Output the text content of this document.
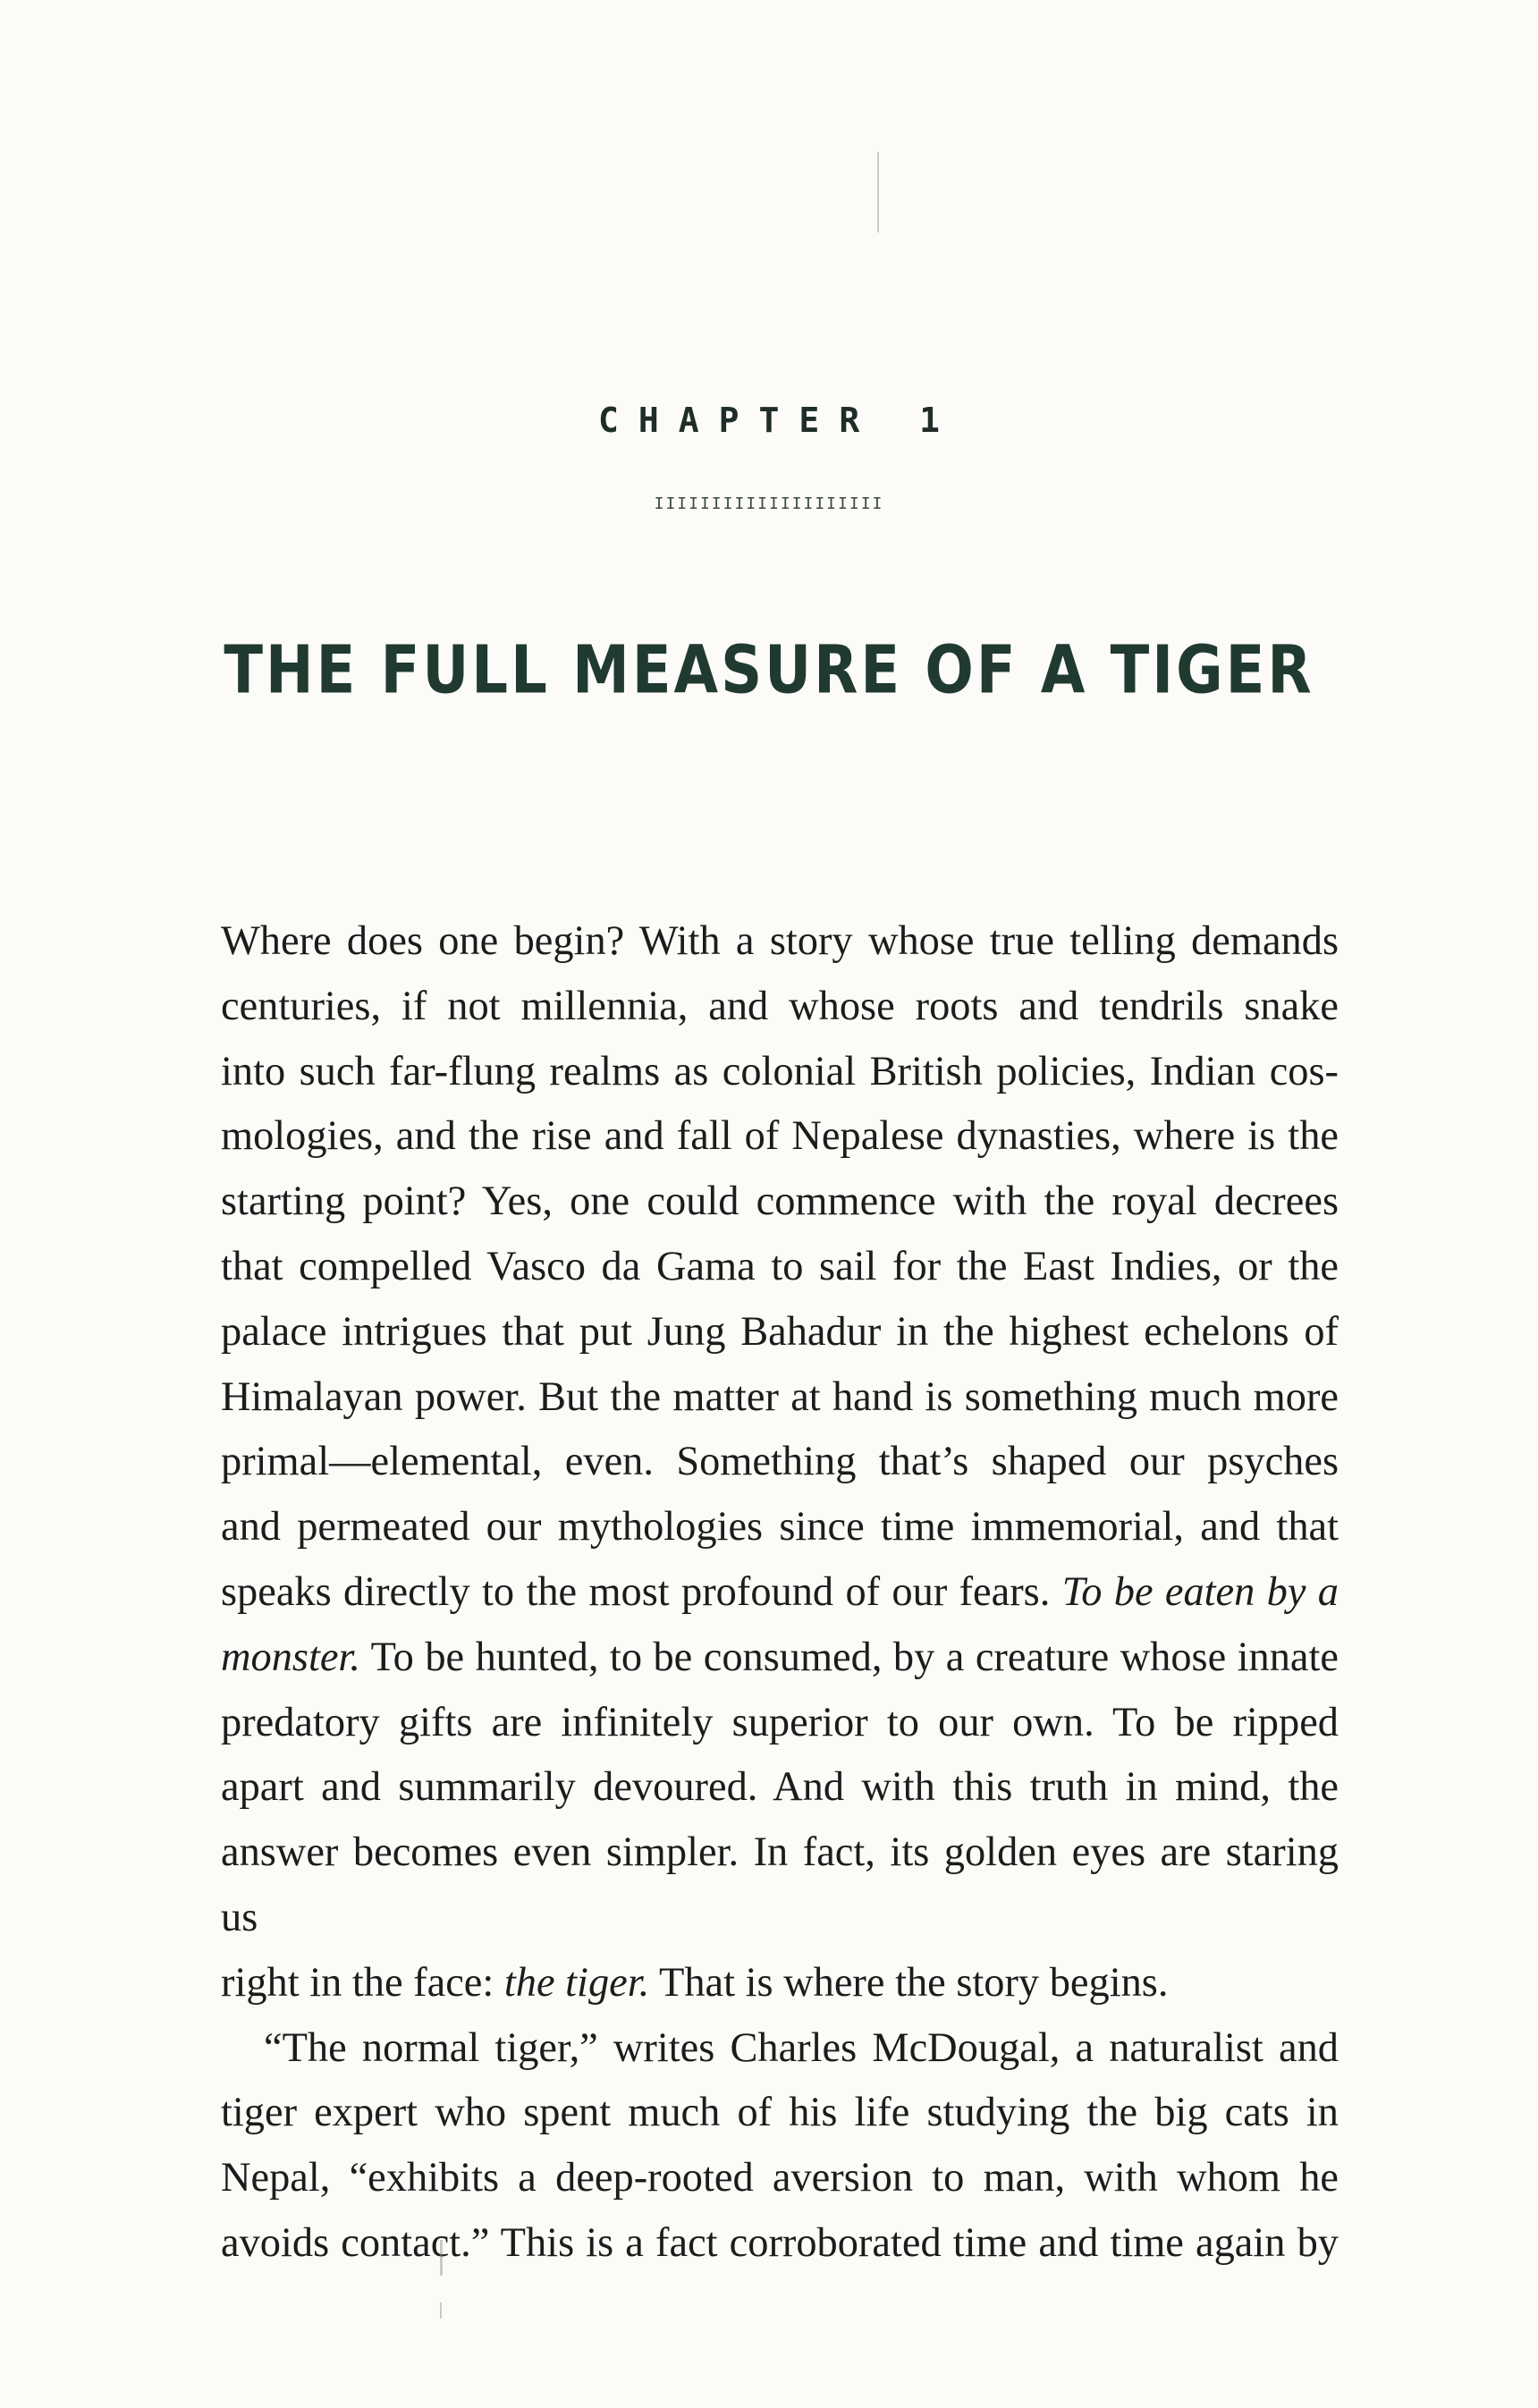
CHAPTER 1
IIIIIIIIIIIIIIIIIIII
THE FULL MEASURE OF A TIGER

Where does one begin? With a story whose true telling demands
centuries, if not millennia, and whose roots and tendrils snake
into such far-flung realms as colonial British policies, Indian cos-
mologies, and the rise and fall of Nepalese dynasties, where is the
starting point? Yes, one could commence with the royal decrees
that compelled Vasco da Gama to sail for the East Indies, or the
palace intrigues that put Jung Bahadur in the highest echelons of
Himalayan power. But the matter at hand is something much more
primal—elemental, even. Something that’s shaped our psyches
and permeated our mythologies since time immemorial, and that
speaks directly to the most profound of our fears. To be eaten by a
monster. To be hunted, to be consumed, by a creature whose innate
predatory gifts are infinitely superior to our own. To be ripped
apart and summarily devoured. And with this truth in mind, the
answer becomes even simpler. In fact, its golden eyes are staring us
right in the face: the tiger. That is where the story begins.

“The normal tiger,” writes Charles McDougal, a naturalist and
tiger expert who spent much of his life studying the big cats in
Nepal, “exhibits a deep-rooted aversion to man, with whom he
avoids contact.” This is a fact corroborated time and time again by
